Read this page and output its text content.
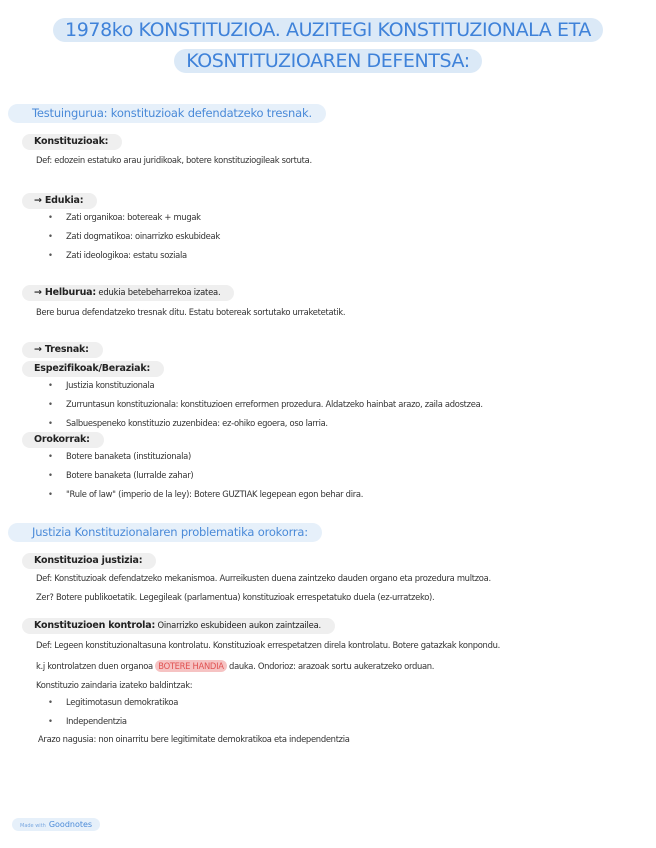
1978ko KONSTITUZIOA. AUZITEGI KONSTITUZIONALA ETA
KOSNTITUZIOAREN DEFENTSA:
Testuingurua: konstituzioak defendatzeko tresnak.
Konstituzioak:
Def: edozein estatuko arau juridikoak, botere konstituziogileak sortuta.
→ Edukia:
• Zati organikoa: botereak + mugak
• Zati dogmatikoa: oinarrizko eskubideak
• Zati ideologikoa: estatu soziala
→ Helburua: edukia betebeharrekoa izatea.
Bere burua defendatzeko tresnak ditu. Estatu botereak sortutako urraketetatik.
→ Tresnak:
Espezifikoak/Beraziak:
• Justizia konstituzionala
• Zurruntasun konstituzionala: konstituzioen erreformen prozedura. Aldatzeko hainbat arazo, zaila adostzea.
• Salbuespeneko konstituzio zuzenbidea: ez-ohiko egoera, oso larria.
Orokorrak:
• Botere banaketa (instituzionala)
• Botere banaketa (lurralde zahar)
• "Rule of law" (imperio de la ley): Botere GUZTIAK legepean egon behar dira.
Justizia Konstituzionalaren problematika orokorra:
Konstituzioa justizia:
Def: Konstituzioak defendatzeko mekanismoa. Aurreikusten duena zaintzeko dauden organo eta prozedura multzoa.
Zer? Botere publikoetatik. Legegileak (parlamentua) konstituzioak errespetatuko duela (ez-urratzeko).
Konstituzioen kontrola: Oinarrizko eskubideen aukon zaintzailea.
Def: Legeen konstituzionaltasuna kontrolatu. Konstituzioak errespetatzen direla kontrolatu. Botere gatazkak konpondu.
k.j kontrolatzen duen organoa BOTERE HANDIA dauka. Ondorioz: arazoak sortu aukeratzeko orduan.
Konstituzio zaindaria izateko baldintzak:
• Legitimotasun demokratikoa
• Independentzia
Arazo nagusia: non oinarritu bere legitimitate demokratikoa eta independentzia
Made with Goodnotes
